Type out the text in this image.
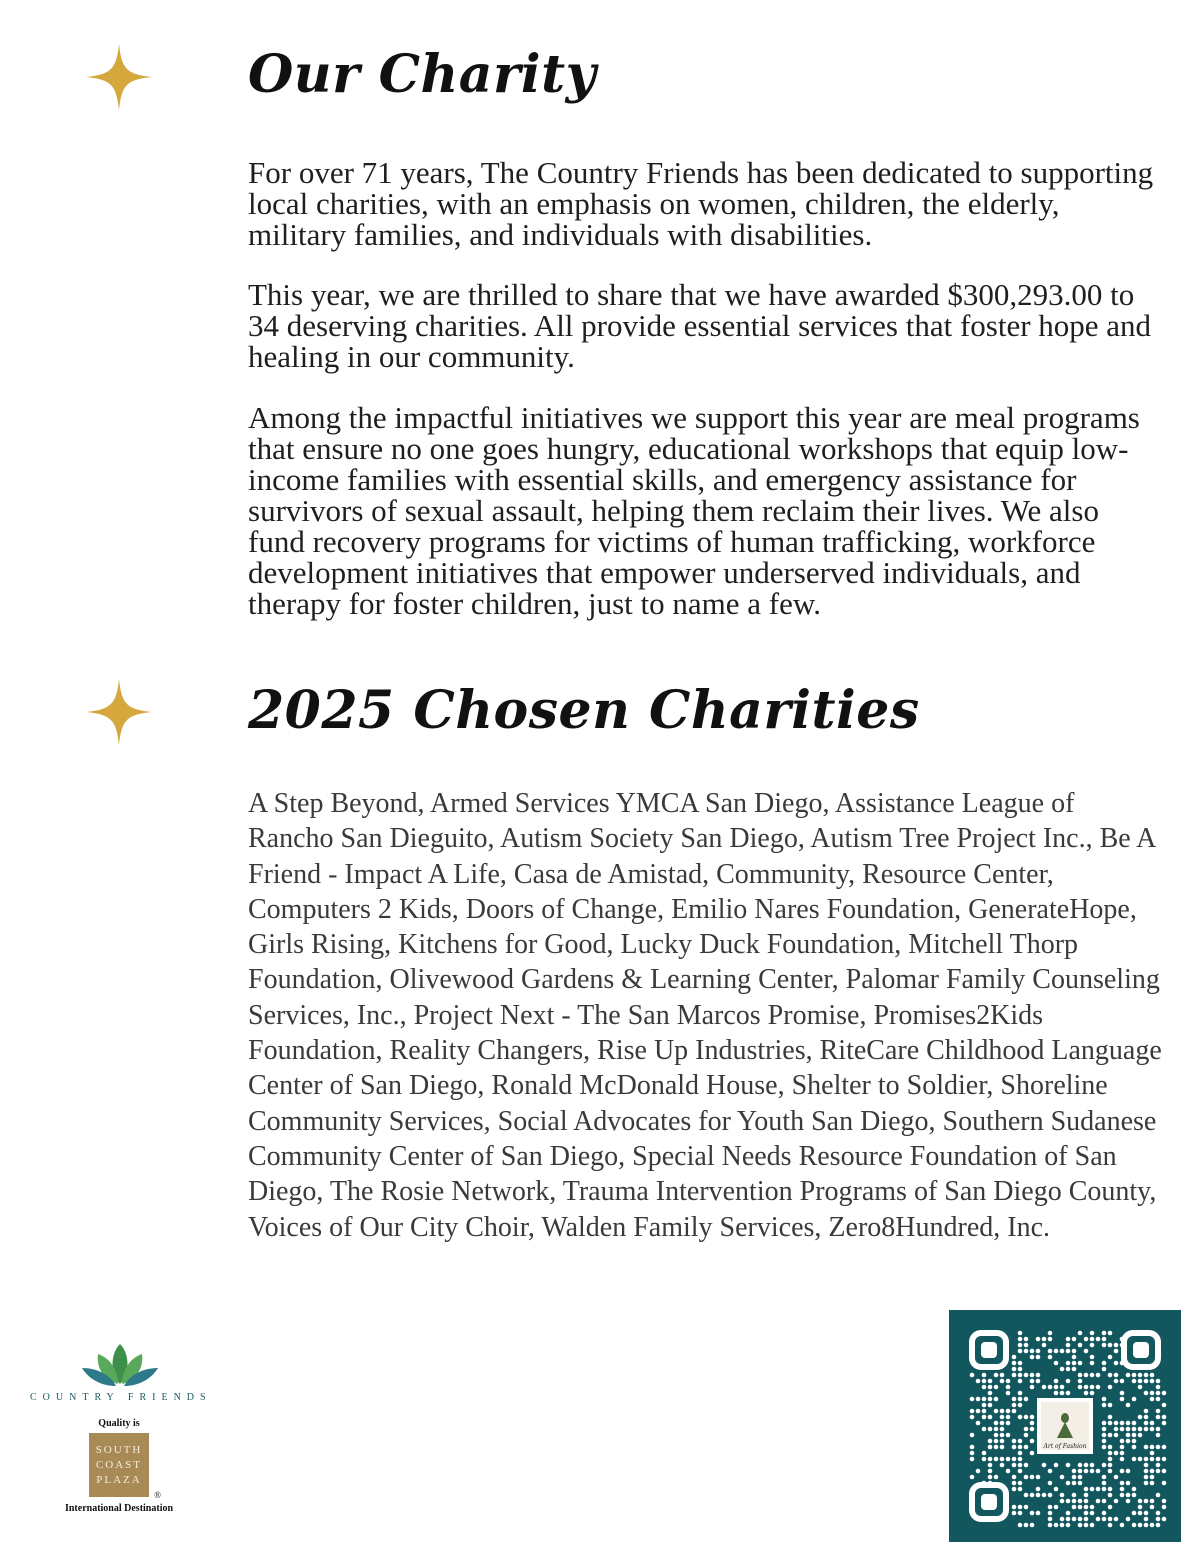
Our Charity

For over 71 years, The Country Friends has been dedicated to supporting local charities, with an emphasis on women, children, the elderly, military families, and individuals with disabilities.

This year, we are thrilled to share that we have awarded $300,293.00 to 34 deserving charities. All provide essential services that foster hope and healing in our community.

Among the impactful initiatives we support this year are meal programs that ensure no one goes hungry, educational workshops that equip low-income families with essential skills, and emergency assistance for survivors of sexual assault, helping them reclaim their lives. We also fund recovery programs for victims of human trafficking, workforce development initiatives that empower underserved individuals, and therapy for foster children, just to name a few.

2025 Chosen Charities

A Step Beyond, Armed Services YMCA San Diego, Assistance League of Rancho San Dieguito, Autism Society San Diego, Autism Tree Project Inc., Be A Friend - Impact A Life, Casa de Amistad, Community, Resource Center, Computers 2 Kids, Doors of Change, Emilio Nares Foundation, GenerateHope, Girls Rising, Kitchens for Good, Lucky Duck Foundation, Mitchell Thorp Foundation, Olivewood Gardens & Learning Center, Palomar Family Counseling Services, Inc., Project Next - The San Marcos Promise, Promises2Kids Foundation, Reality Changers, Rise Up Industries, RiteCare Childhood Language Center of San Diego, Ronald McDonald House, Shelter to Soldier, Shoreline Community Services, Social Advocates for Youth San Diego, Southern Sudanese Community Center of San Diego, Special Needs Resource Foundation of San Diego, The Rosie Network, Trauma Intervention Programs of San Diego County, Voices of Our City Choir, Walden Family Services, Zero8Hundred, Inc.

COUNTRY FRIENDS
Quality is
SOUTH
COAST
PLAZA
®
International Destination
Art of Fashion
